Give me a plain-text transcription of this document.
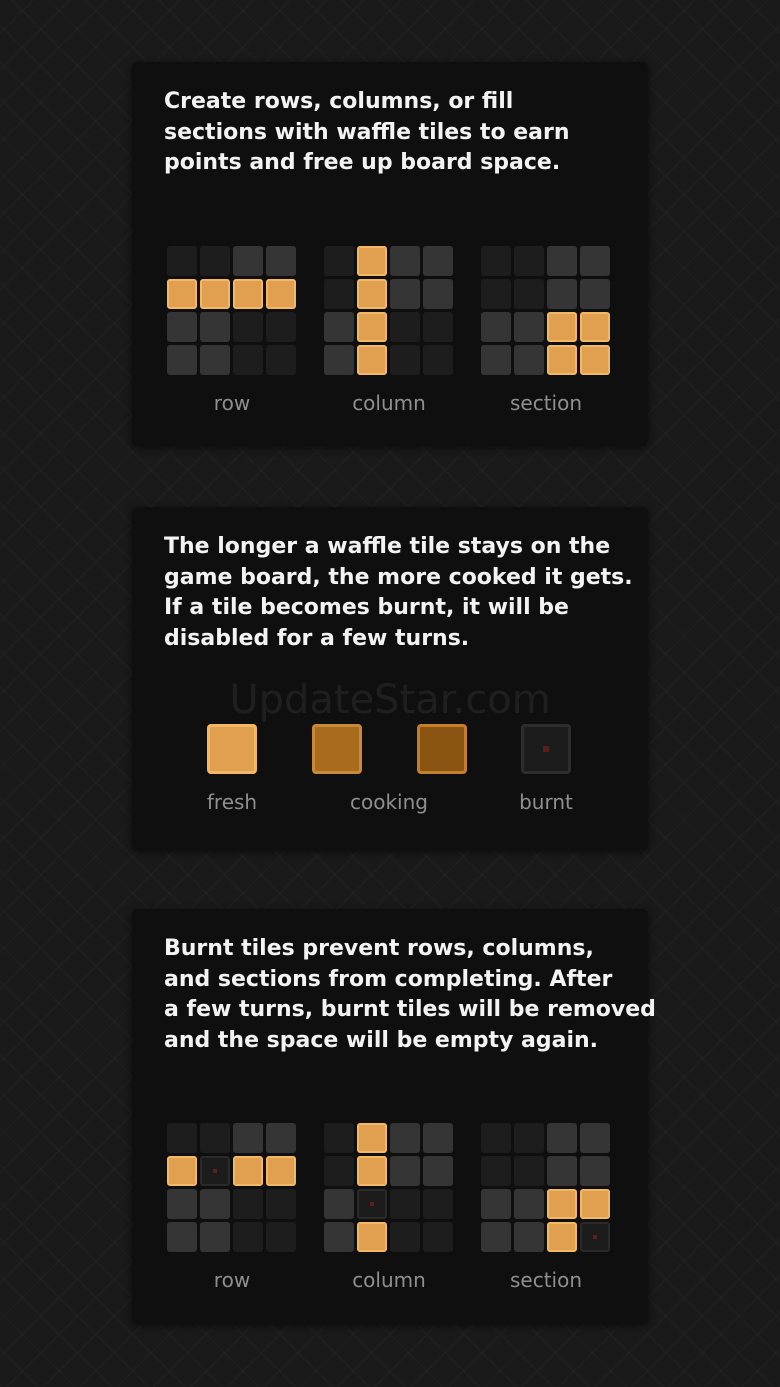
Create rows, columns, or fill
sections with waffle tiles to earn
points and free up board space.
row	column	section
The longer a waffle tile stays on the
game board, the more cooked it gets.
If a tile becomes burnt, it will be
disabled for a few turns.
UpdateStar.com
fresh	cooking	burnt
Burnt tiles prevent rows, columns,
and sections from completing. After
a few turns, burnt tiles will be removed
and the space will be empty again.
row	column	section
